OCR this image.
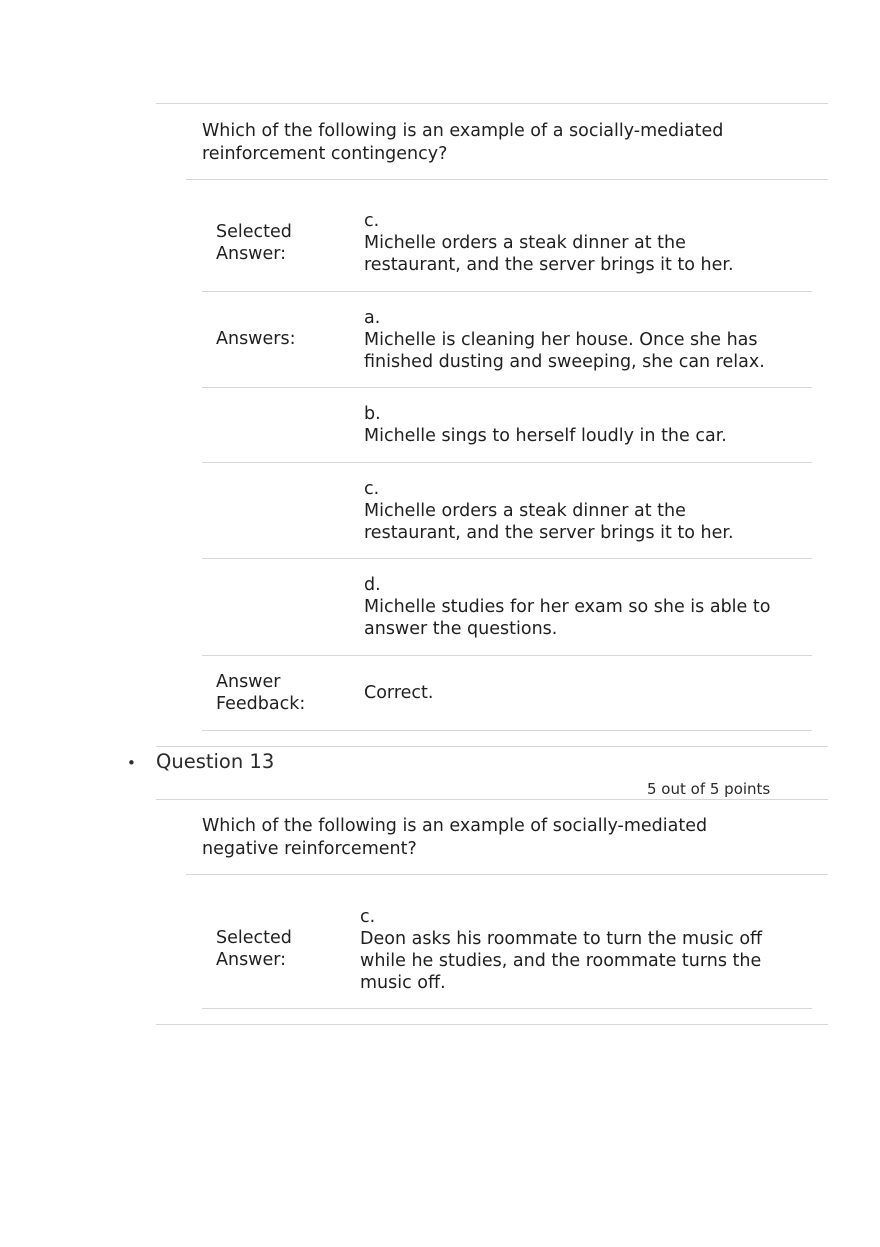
Which of the following is an example of a socially-mediated reinforcement contingency?
Selected Answer:
c.
Michelle orders a steak dinner at the restaurant, and the server brings it to her.
Answers:
a.
Michelle is cleaning her house. Once she has finished dusting and sweeping, she can relax.
b.
Michelle sings to herself loudly in the car.
c.
Michelle orders a steak dinner at the restaurant, and the server brings it to her.
d.
Michelle studies for her exam so she is able to answer the questions.
Answer Feedback:
Correct.
• Question 13
5 out of 5 points
Which of the following is an example of socially-mediated negative reinforcement?
Selected Answer:
c.
Deon asks his roommate to turn the music off while he studies, and the roommate turns the music off.
